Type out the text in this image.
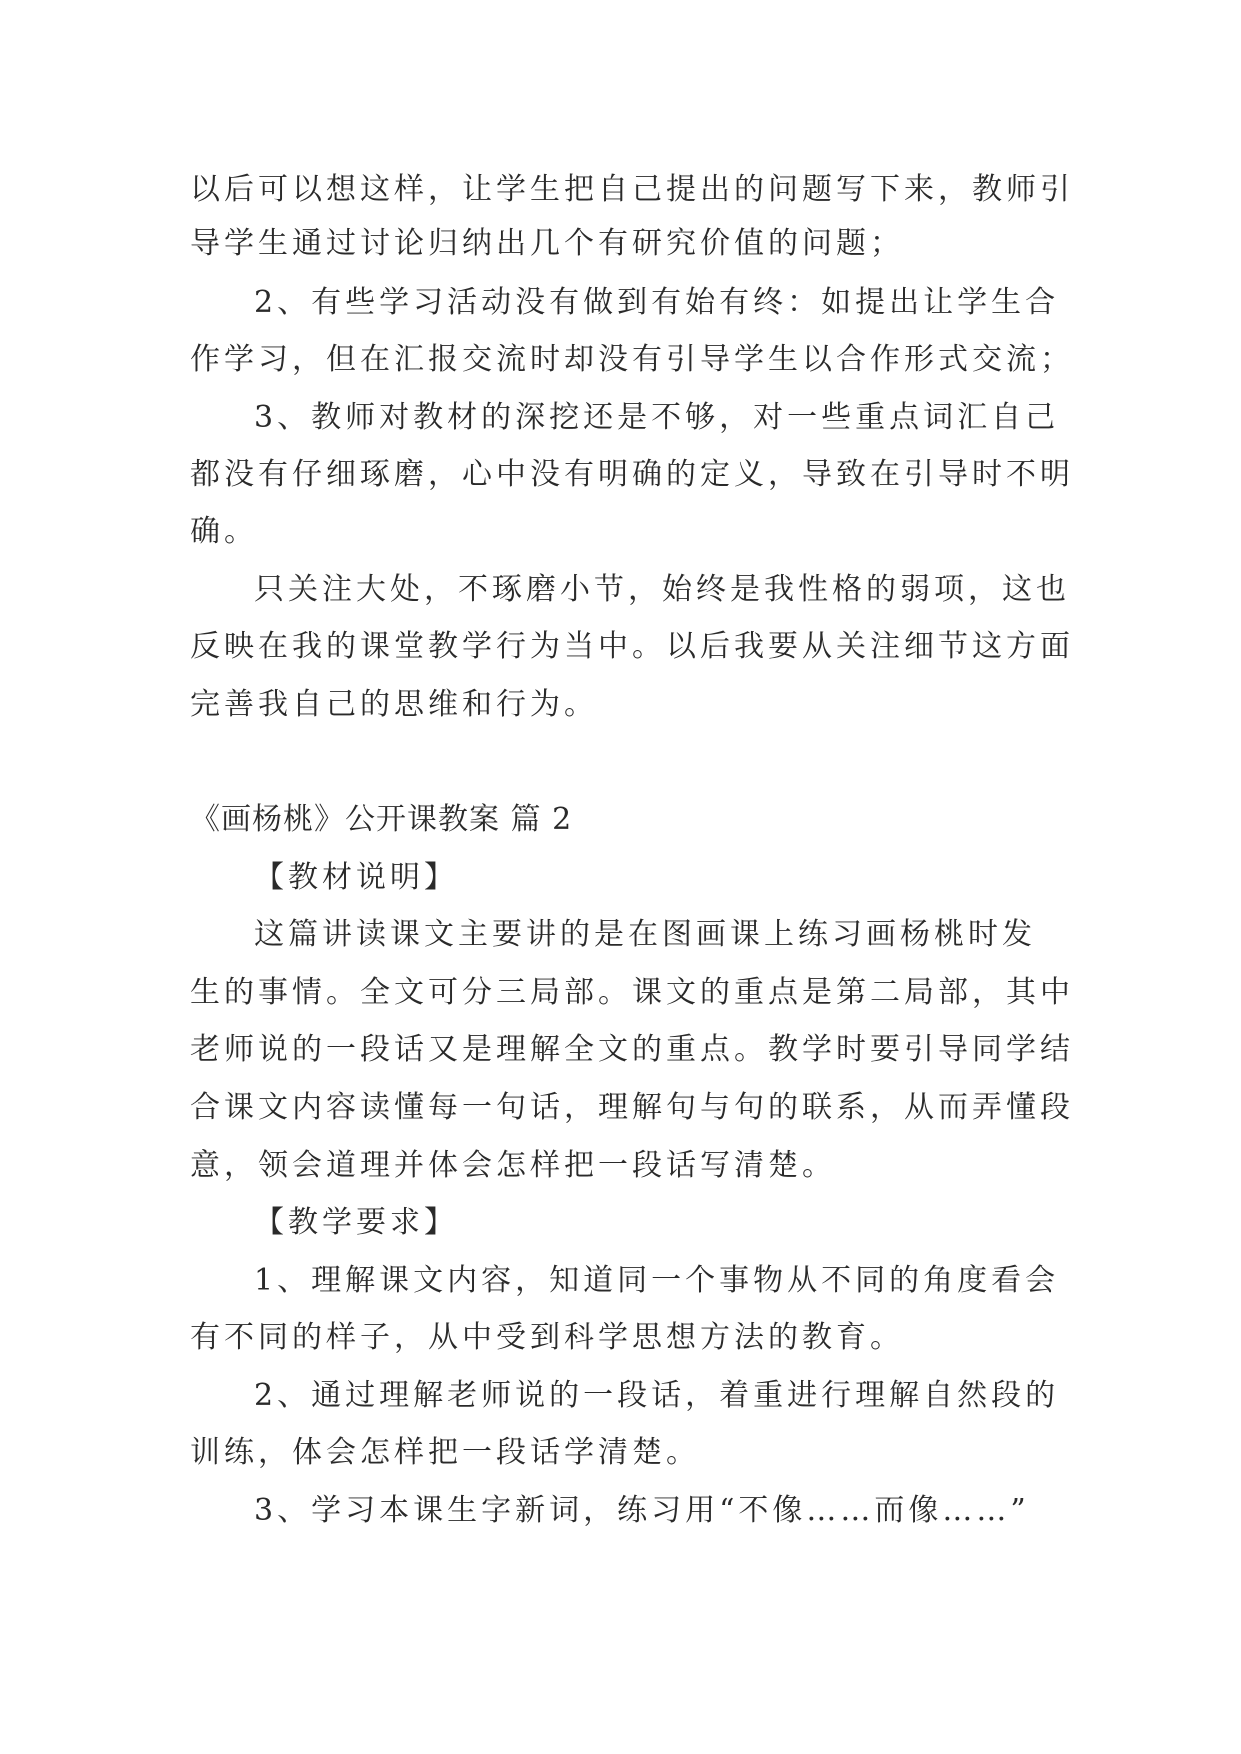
以后可以想这样，让学生把自己提出的问题写下来，教师引
导学生通过讨论归纳出几个有研究价值的问题；
2、有些学习活动没有做到有始有终：如提出让学生合
作学习，但在汇报交流时却没有引导学生以合作形式交流；
3、教师对教材的深挖还是不够，对一些重点词汇自己
都没有仔细琢磨，心中没有明确的定义，导致在引导时不明
确。
只关注大处，不琢磨小节，始终是我性格的弱项，这也
反映在我的课堂教学行为当中。以后我要从关注细节这方面
完善我自己的思维和行为。
《画杨桃》公开课教案 篇 2
【教材说明】
这篇讲读课文主要讲的是在图画课上练习画杨桃时发
生的事情。全文可分三局部。课文的重点是第二局部，其中
老师说的一段话又是理解全文的重点。教学时要引导同学结
合课文内容读懂每一句话，理解句与句的联系，从而弄懂段
意，领会道理并体会怎样把一段话写清楚。
【教学要求】
1、理解课文内容，知道同一个事物从不同的角度看会
有不同的样子，从中受到科学思想方法的教育。
2、通过理解老师说的一段话，着重进行理解自然段的
训练，体会怎样把一段话学清楚。
3、学习本课生字新词，练习用“不像……而像……”
